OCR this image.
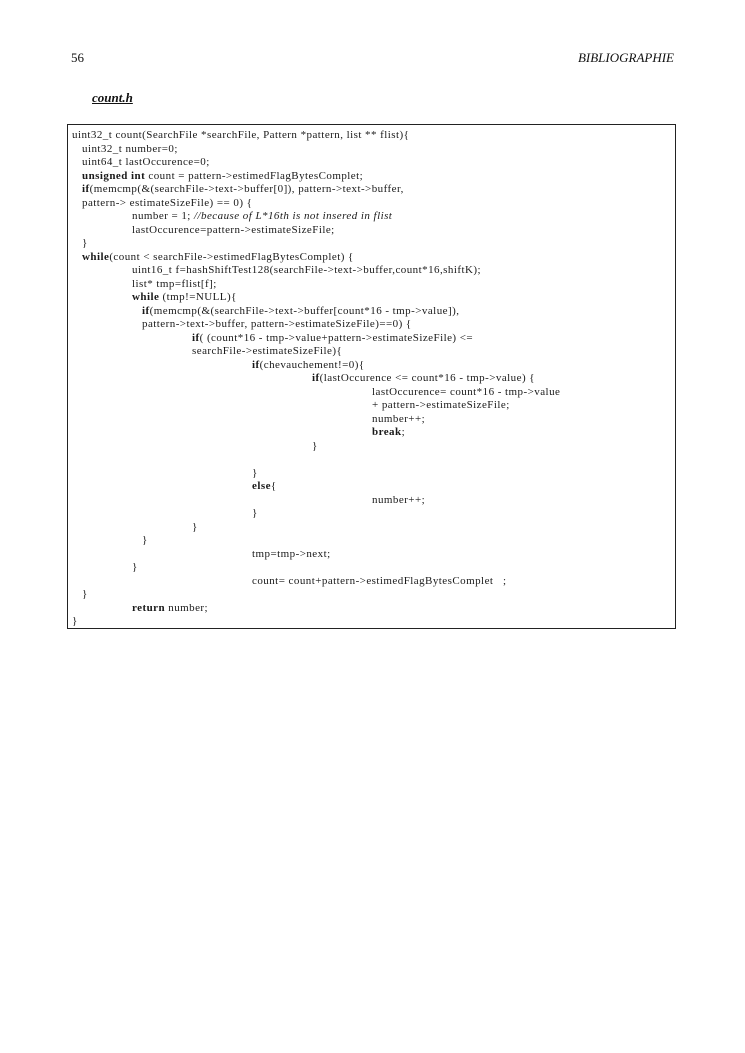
56	BIBLIOGRAPHIE
count.h
uint32_t count(SearchFile *searchFile, Pattern *pattern, list ** flist){
uint32_t number=0;
uint64_t lastOccurence=0;
unsigned int count = pattern->estimedFlagBytesComplet;
if(memcmp(&(searchFile->text->buffer[0]), pattern->text->buffer,
pattern-> estimateSizeFile) == 0) {
number = 1; //because of L*16th is not insered in flist
lastOccurence=pattern->estimateSizeFile;
}
while(count < searchFile->estimedFlagBytesComplet) {
uint16_t f=hashShiftTest128(searchFile->text->buffer,count*16,shiftK);
list* tmp=flist[f];
while (tmp!=NULL){
if(memcmp(&(searchFile->text->buffer[count*16 - tmp->value]),
pattern->text->buffer, pattern->estimateSizeFile)==0) {
if( (count*16 - tmp->value+pattern->estimateSizeFile) <=
searchFile->estimateSizeFile){
if(chevauchement!=0){
if(lastOccurence <= count*16 - tmp->value) {
lastOccurence= count*16 - tmp->value
+ pattern->estimateSizeFile;
number++;
break;
}
}
else{
number++;
}
}
}
tmp=tmp->next;
}
count= count+pattern->estimedFlagBytesComplet   ;
}
return number;
}
